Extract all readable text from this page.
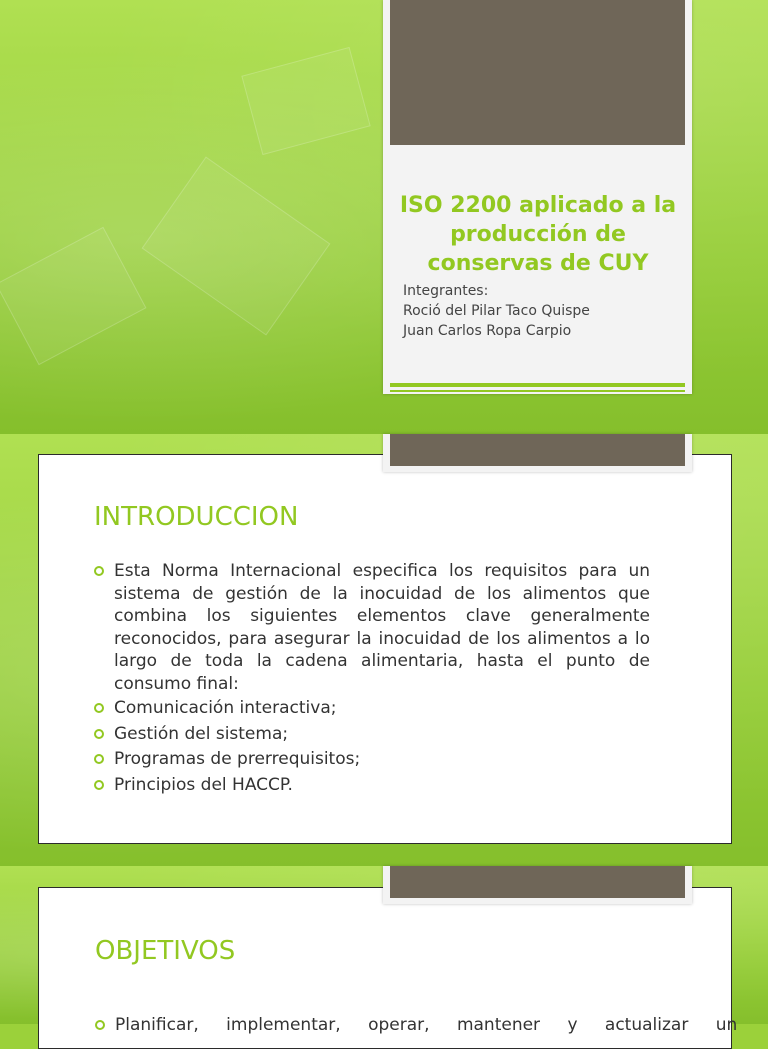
ISO 2200 aplicado a la producción de conservas de CUY
Integrantes:
Roció del Pilar Taco Quispe
Juan Carlos Ropa Carpio
INTRODUCCION
Esta Norma Internacional especifica los requisitos para un sistema de gestión de la inocuidad de los alimentos que combina los siguientes elementos clave generalmente reconocidos, para asegurar la inocuidad de los alimentos a lo largo de toda la cadena alimentaria, hasta el punto de consumo final:
Comunicación interactiva;
Gestión del sistema;
Programas de prerrequisitos;
Principios del HACCP.
OBJETIVOS
Planificar, implementar, operar, mantener y actualizar un
